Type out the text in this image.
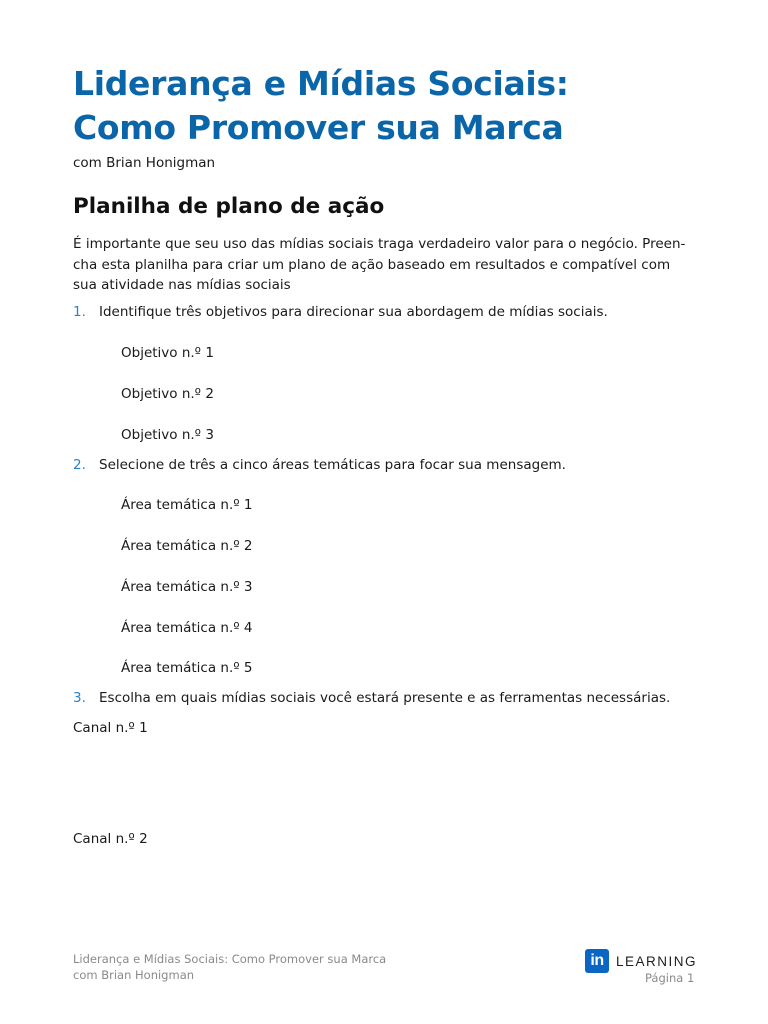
Liderança e Mídias Sociais:
Como Promover sua Marca
com Brian Honigman
Planilha de plano de ação
É importante que seu uso das mídias sociais traga verdadeiro valor para o negócio. Preen-
cha esta planilha para criar um plano de ação baseado em resultados e compatível com
sua atividade nas mídias sociais
1. Identifique três objetivos para direcionar sua abordagem de mídias sociais.
Objetivo n.º 1
Objetivo n.º 2
Objetivo n.º 3
2. Selecione de três a cinco áreas temáticas para focar sua mensagem.
Área temática n.º 1
Área temática n.º 2
Área temática n.º 3
Área temática n.º 4
Área temática n.º 5
3. Escolha em quais mídias sociais você estará presente e as ferramentas necessárias.
Canal n.º 1
Canal n.º 2
Liderança e Mídias Sociais: Como Promover sua Marca
com Brian Honigman
in LEARNING
Página 1
